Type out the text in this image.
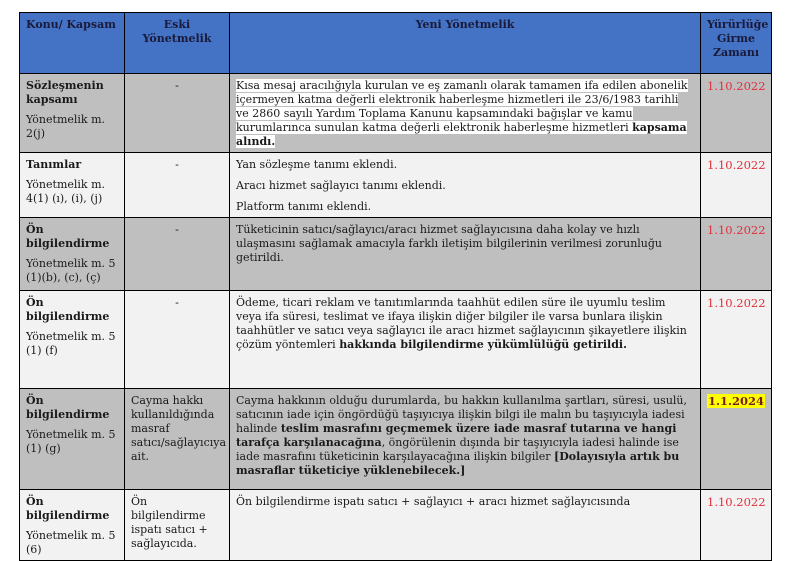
Konu/ Kapsam	Eski Yönetmelik	Yeni Yönetmelik	Yürürlüğe Girme Zamanı

Sözleşmenin kapsamı
Yönetmelik m. 2(j)	-	Kısa mesaj aracılığıyla kurulan ve eş zamanlı olarak tamamen ifa edilen abonelik içermeyen katma değerli elektronik haberleşme hizmetleri ile 23/6/1983 tarihli ve 2860 sayılı Yardım Toplama Kanunu kapsamındaki bağışlar ve kamu kurumlarınca sunulan katma değerli elektronik haberleşme hizmetleri kapsama alındı.	1.10.2022

Tanımlar
Yönetmelik m. 4(1) (ı), (i), (j)	-	Yan sözleşme tanımı eklendi.
Aracı hizmet sağlayıcı tanımı eklendi.
Platform tanımı eklendi.	1.10.2022

Ön bilgilendirme
Yönetmelik m. 5 (1)(b), (c), (ç)	-	Tüketicinin satıcı/sağlayıcı/aracı hizmet sağlayıcısına daha kolay ve hızlı ulaşmasını sağlamak amacıyla farklı iletişim bilgilerinin verilmesi zorunluğu getirildi.	1.10.2022

Ön bilgilendirme
Yönetmelik m. 5 (1) (f)	-	Ödeme, ticari reklam ve tanıtımlarında taahhüt edilen süre ile uyumlu teslim veya ifa süresi, teslimat ve ifaya ilişkin diğer bilgiler ile varsa bunlara ilişkin taahhütler ve satıcı veya sağlayıcı ile aracı hizmet sağlayıcının şikayetlere ilişkin çözüm yöntemleri hakkında bilgilendirme yükümlülüğü getirildi.	1.10.2022

Ön bilgilendirme
Yönetmelik m. 5 (1) (g)	Cayma hakkı kullanıldığında masraf satıcı/sağlayıcıya ait.	Cayma hakkının olduğu durumlarda, bu hakkın kullanılma şartları, süresi, usulü, satıcının iade için öngördüğü taşıyıcıya ilişkin bilgi ile malın bu taşıyıcıyla iadesi halinde teslim masrafını geçmemek üzere iade masraf tutarına ve hangi tarafça karşılanacağına, öngörülenin dışında bir taşıyıcıyla iadesi halinde ise iade masrafını tüketicinin karşılayacağına ilişkin bilgiler [Dolayısıyla artık bu masraflar tüketiciye yüklenebilecek.]	1.1.2024

Ön bilgilendirme
Yönetmelik m. 5 (6)	Ön bilgilendirme ispatı satıcı + sağlayıcıda.	Ön bilgilendirme ispatı satıcı + sağlayıcı + aracı hizmet sağlayıcısında	1.10.2022
